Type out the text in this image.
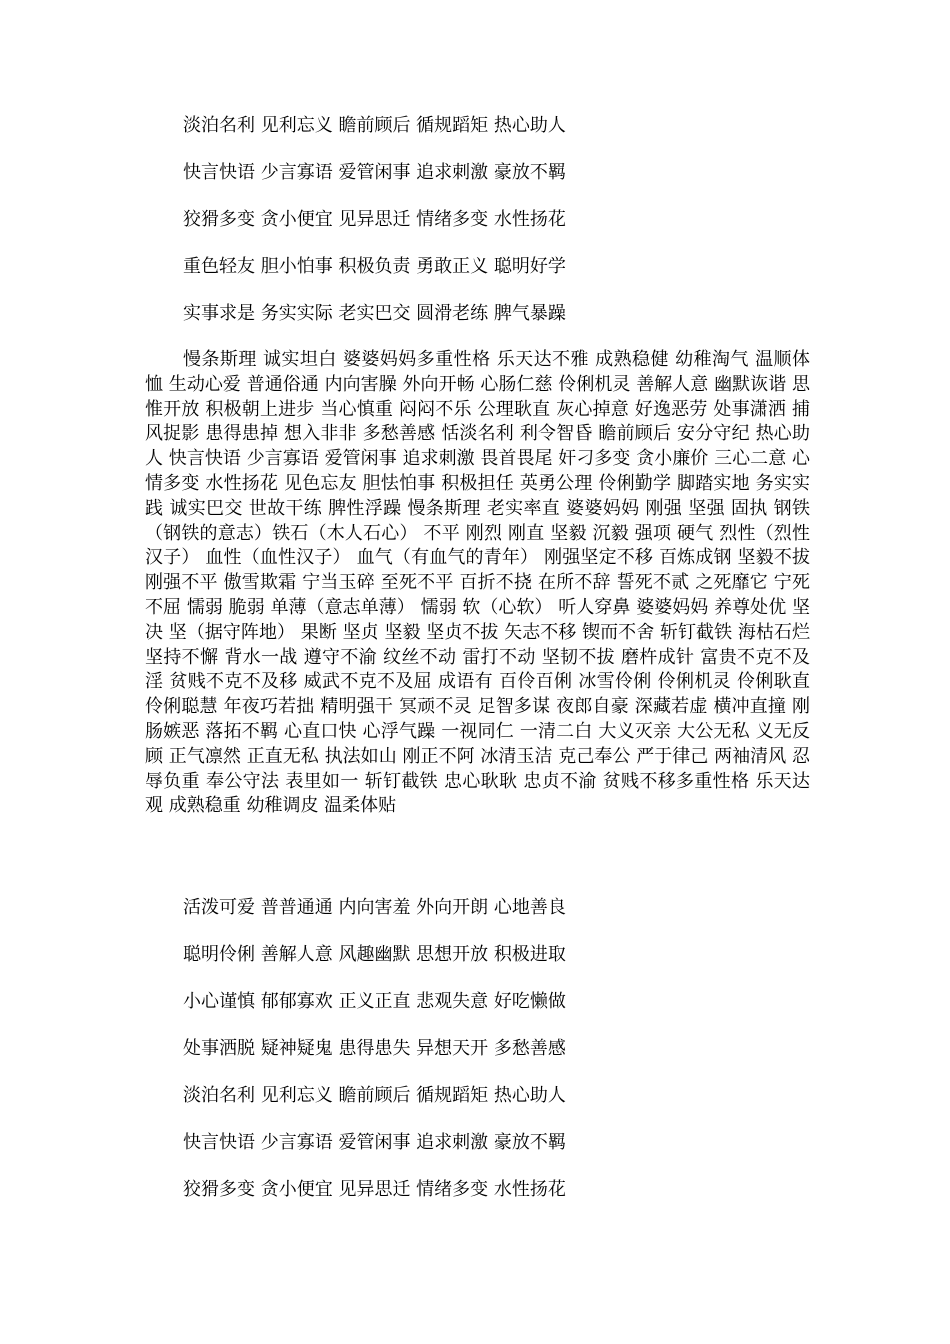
淡泊名利 见利忘义 瞻前顾后 循规蹈矩 热心助人
快言快语 少言寡语 爱管闲事 追求刺激 豪放不羁
狡猾多变 贪小便宜 见异思迁 情绪多变 水性扬花
重色轻友 胆小怕事 积极负责 勇敢正义 聪明好学
实事求是 务实实际 老实巴交 圆滑老练 脾气暴躁
慢条斯理 诚实坦白 婆婆妈妈多重性格 乐天达不雅 成熟稳健 幼稚淘气 温顺体恤 生动心爱 普通俗通 内向害臊 外向开畅 心肠仁慈 伶俐机灵 善解人意 幽默诙谐 思惟开放 积极朝上进步 当心慎重 闷闷不乐 公理耿直 灰心掉意 好逸恶劳 处事潇洒 捕风捉影 患得患掉 想入非非 多愁善感 恬淡名利 利令智昏 瞻前顾后 安分守纪 热心助人 快言快语 少言寡语 爱管闲事 追求刺激 畏首畏尾 奸刁多变 贪小廉价 三心二意 心情多变 水性扬花 见色忘友 胆怯怕事 积极担任 英勇公理 伶俐勤学 脚踏实地 务实实践 诚实巴交 世故干练 脾性浮躁 慢条斯理 老实率直 婆婆妈妈 刚强 坚强 固执 钢铁（钢铁的意志）铁石（木人石心） 不平 刚烈 刚直 坚毅 沉毅 强项 硬气 烈性（烈性汉子） 血性（血性汉子） 血气（有血气的青年） 刚强坚定不移 百炼成钢 坚毅不拔 刚强不平 傲雪欺霜 宁当玉碎 至死不平 百折不挠 在所不辞 誓死不贰 之死靡它 宁死不屈 懦弱 脆弱 单薄（意志单薄） 懦弱 软（心软） 听人穿鼻 婆婆妈妈 养尊处优 坚决 坚（据守阵地） 果断 坚贞 坚毅 坚贞不拔 矢志不移 锲而不舍 斩钉截铁 海枯石烂 坚持不懈 背水一战 遵守不渝 纹丝不动 雷打不动 坚韧不拔 磨杵成针 富贵不克不及淫 贫贱不克不及移 威武不克不及屈 成语有 百伶百俐 冰雪伶俐 伶俐机灵 伶俐耿直 伶俐聪慧 年夜巧若拙 精明强干 冥顽不灵 足智多谋 夜郎自豪 深藏若虚 横冲直撞 刚肠嫉恶 落拓不羁 心直口快 心浮气躁 一视同仁 一清二白 大义灭亲 大公无私 义无反顾 正气凛然 正直无私 执法如山 刚正不阿 冰清玉洁 克己奉公 严于律己 两袖清风 忍辱负重 奉公守法 表里如一 斩钉截铁 忠心耿耿 忠贞不渝 贫贱不移多重性格 乐天达观 成熟稳重 幼稚调皮 温柔体贴
活泼可爱 普普通通 内向害羞 外向开朗 心地善良
聪明伶俐 善解人意 风趣幽默 思想开放 积极进取
小心谨慎 郁郁寡欢 正义正直 悲观失意 好吃懒做
处事洒脱 疑神疑鬼 患得患失 异想天开 多愁善感
淡泊名利 见利忘义 瞻前顾后 循规蹈矩 热心助人
快言快语 少言寡语 爱管闲事 追求刺激 豪放不羁
狡猾多变 贪小便宜 见异思迁 情绪多变 水性扬花
